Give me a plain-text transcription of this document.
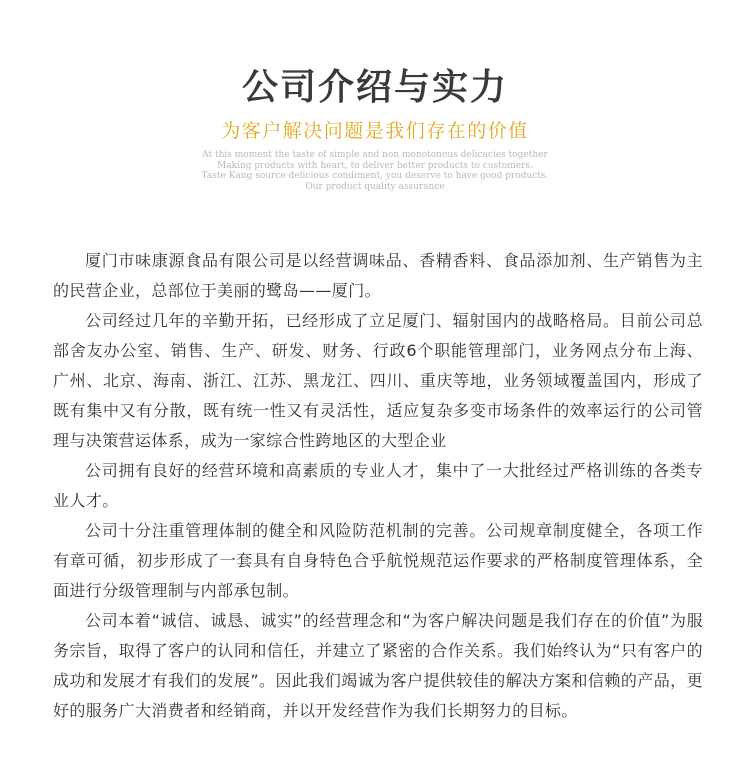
公司介绍与实力
为客户解决问题是我们存在的价值
At this moment the taste of simple and non monotonous delicacies together
Making products with heart, to deliver better products to customers.
Taste Kang source delicious condiment, you deserve to have good products.
Our product quality assurance

厦门市味康源食品有限公司是以经营调味品、香精香料、食品添加剂、生产销售为主的民营企业，总部位于美丽的鹭岛——厦门。

公司经过几年的辛勤开拓，已经形成了立足厦门、辐射国内的战略格局。目前公司总部舍友办公室、销售、生产、研发、财务、行政6个职能管理部门，业务网点分布上海、广州、北京、海南、浙江、江苏、黑龙江、四川、重庆等地，业务领域覆盖国内，形成了既有集中又有分散，既有统一性又有灵活性，适应复杂多变市场条件的效率运行的公司管理与决策营运体系，成为一家综合性跨地区的大型企业

公司拥有良好的经营环境和高素质的专业人才，集中了一大批经过严格训练的各类专业人才。

公司十分注重管理体制的健全和风险防范机制的完善。公司规章制度健全，各项工作有章可循，初步形成了一套具有自身特色合乎航悦规范运作要求的严格制度管理体系，全面进行分级管理制与内部承包制。

公司本着“诚信、诚恳、诚实”的经营理念和“为客户解决问题是我们存在的价值”为服务宗旨，取得了客户的认同和信任，并建立了紧密的合作关系。我们始终认为“只有客户的成功和发展才有我们的发展”。因此我们竭诚为客户提供较佳的解决方案和信赖的产品，更好的服务广大消费者和经销商，并以开发经营作为我们长期努力的目标。
